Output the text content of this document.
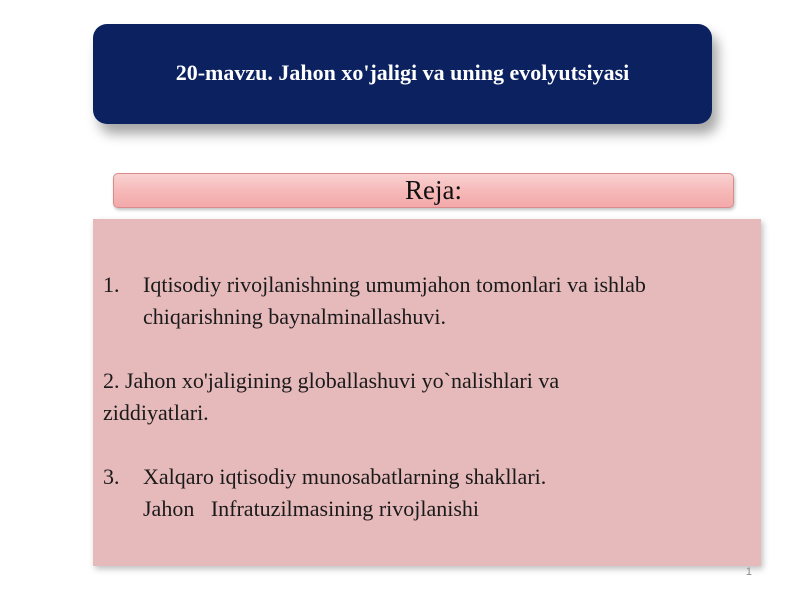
20-mavzu. Jahon xo'jaligi va uning evolyutsiyasi
Reja:
1. Iqtisodiy rivojlanishning umumjahon tomonlari va ishlab
chiqarishning baynalminallashuvi.
2. Jahon xo'jaligining globallashuvi yo`nalishlari va
ziddiyatlari.
3. Xalqaro iqtisodiy munosabatlarning shakllari.
Jahon   Infratuzilmasining rivojlanishi
1
